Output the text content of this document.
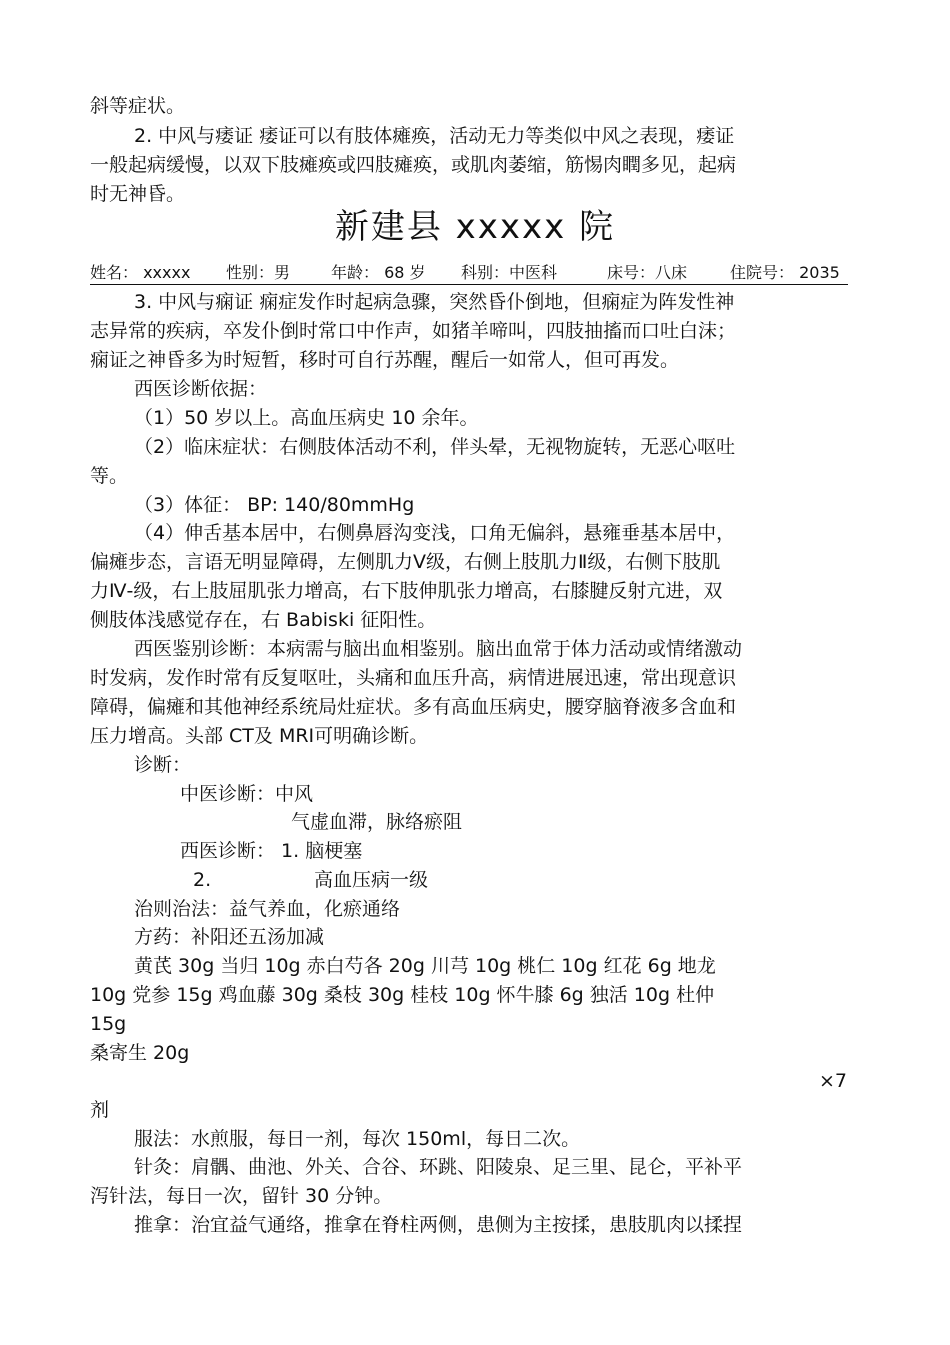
斜等症状。
2. 中风与痿证 痿证可以有肢体瘫痪，活动无力等类似中风之表现，痿证
一般起病缓慢，以双下肢瘫痪或四肢瘫痪，或肌肉萎缩，筋惕肉瞤多见，起病
时无神昏。
新建县 xxxxx 院
姓名： xxxxx 性别：男	年龄： 68 岁 科别：中医科	床号：八床	住院号： 2035
3. 中风与痫证 痫症发作时起病急骤，突然昏仆倒地，但痫症为阵发性神
志异常的疾病，卒发仆倒时常口中作声，如猪羊啼叫，四肢抽搐而口吐白沫；
痫证之神昏多为时短暂，移时可自行苏醒，醒后一如常人，但可再发。
西医诊断依据：
（1）50 岁以上。高血压病史 10 余年。
（2）临床症状：右侧肢体活动不利，伴头晕，无视物旋转，无恶心呕吐
等。
（3）体征： BP: 140/80mmHg
（4）伸舌基本居中，右侧鼻唇沟变浅，口角无偏斜，悬雍垂基本居中，
偏瘫步态，言语无明显障碍，左侧肌力Ⅴ级，右侧上肢肌力Ⅱ级，右侧下肢肌
力Ⅳ-级，右上肢屈肌张力增高，右下肢伸肌张力增高，右膝腱反射亢进，双
侧肢体浅感觉存在，右 Babiski 征阳性。
西医鉴别诊断：本病需与脑出血相鉴别。脑出血常于体力活动或情绪激动
时发病，发作时常有反复呕吐，头痛和血压升高，病情进展迅速，常出现意识
障碍，偏瘫和其他神经系统局灶症状。多有高血压病史，腰穿脑脊液多含血和
压力增高。头部 CT及 MRI可明确诊断。
诊断：
中医诊断：中风
气虚血滞，脉络瘀阻
西医诊断： 1. 脑梗塞
2.	高血压病一级
治则治法：益气养血，化瘀通络
方药：补阳还五汤加减
黄芪 30g 当归 10g 赤白芍各 20g 川芎 10g 桃仁 10g 红花 6g 地龙
10g 党参 15g 鸡血藤 30g 桑枝 30g 桂枝 10g 怀牛膝 6g 独活 10g 杜仲
15g
桑寄生 20g
×7
剂
服法：水煎服，每日一剂，每次 150ml，每日二次。
针灸：肩髃、曲池、外关、合谷、环跳、阳陵泉、足三里、昆仑，平补平
泻针法，每日一次，留针 30 分钟。
推拿：治宜益气通络，推拿在脊柱两侧，患侧为主按揉，患肢肌肉以揉捏
